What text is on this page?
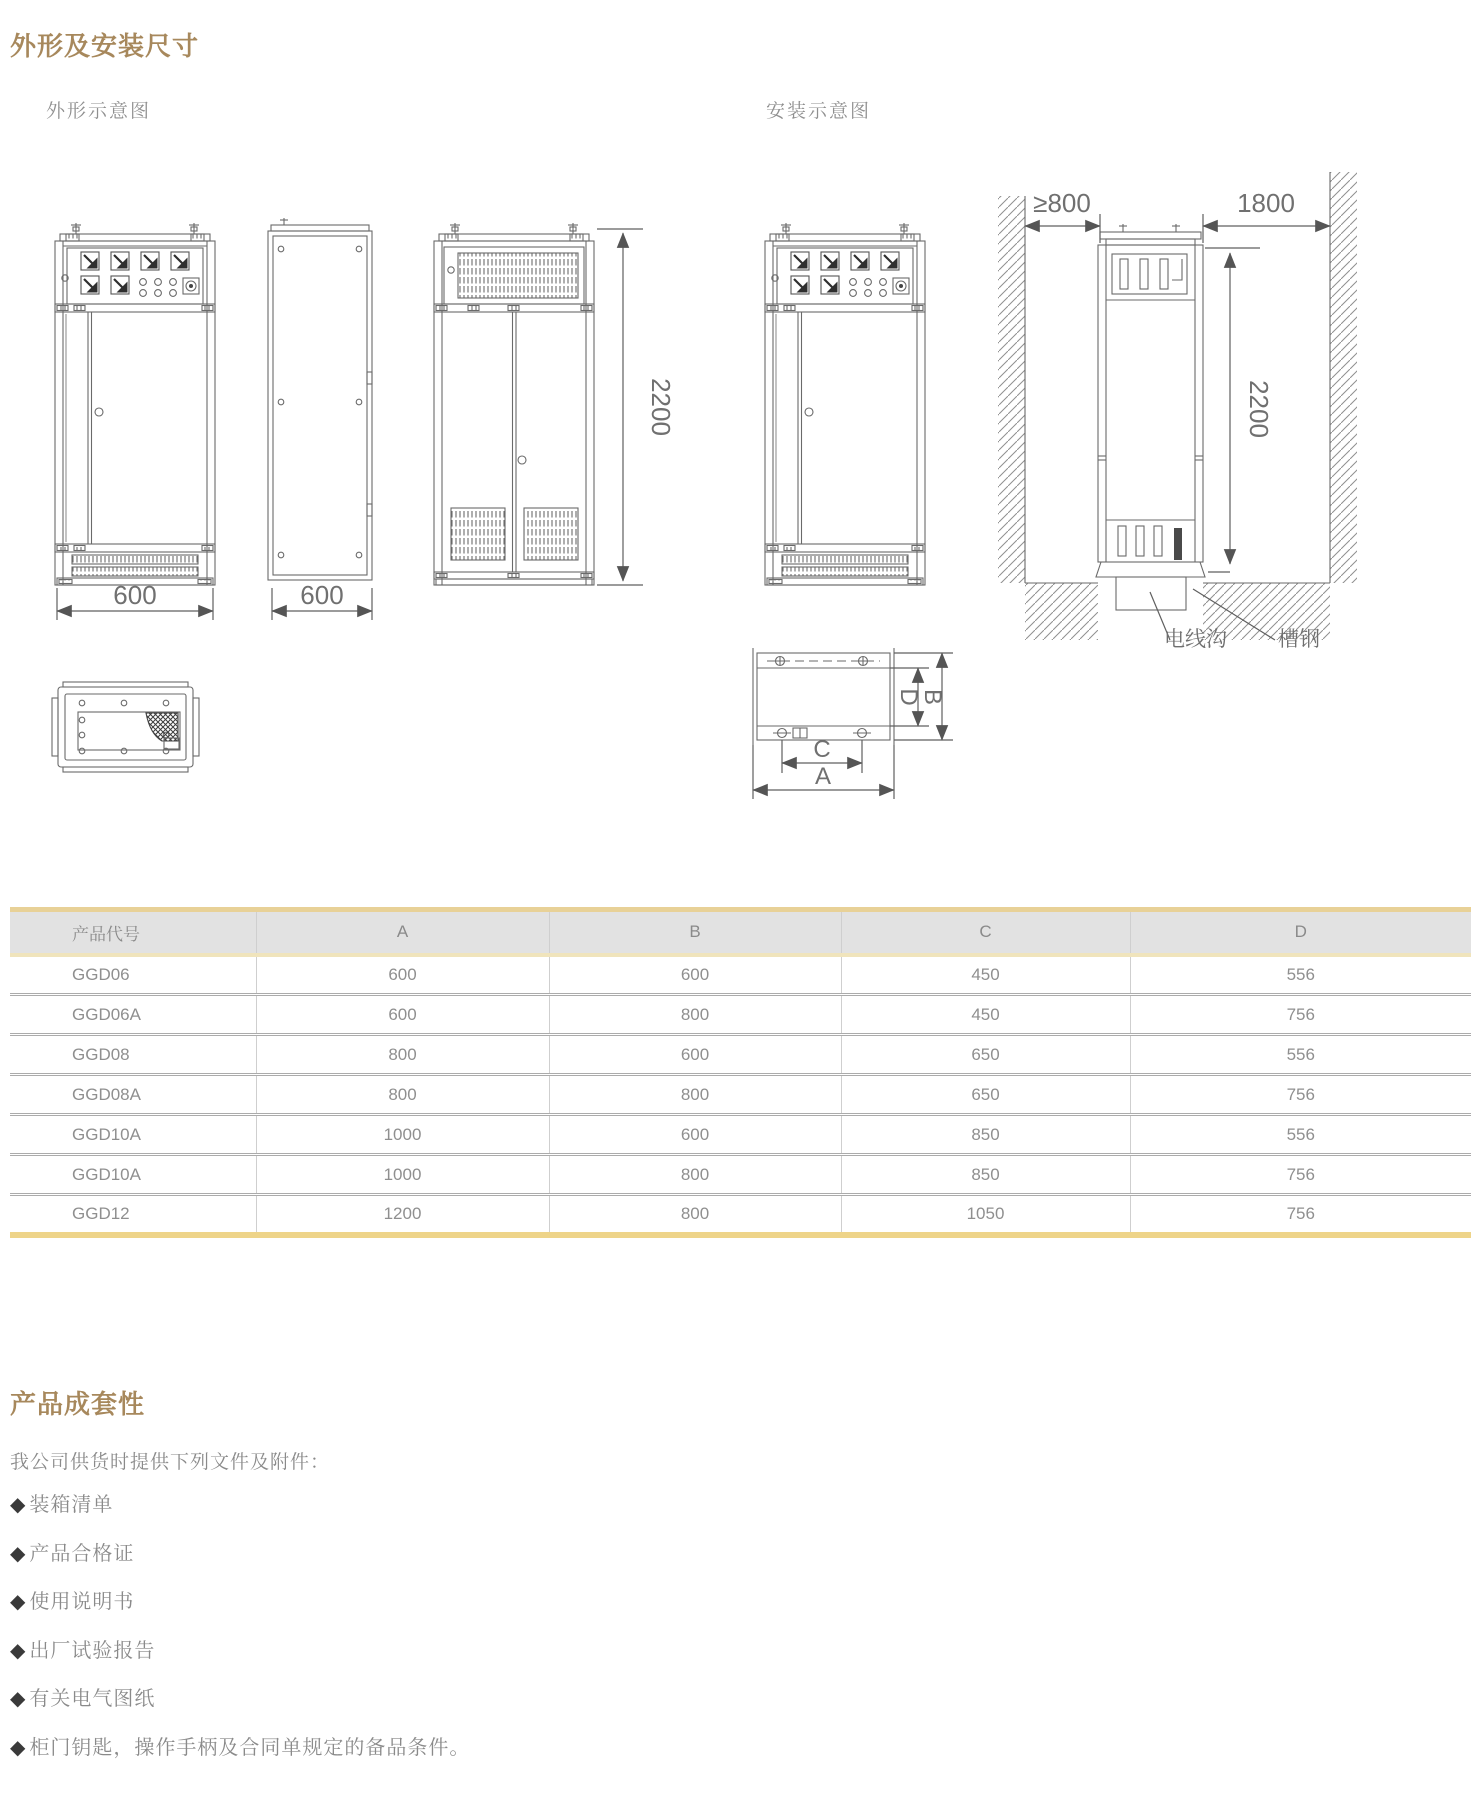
外形及安装尺寸
外形示意图	安装示意图
600	600
2200
≥800	1800
2200
电线沟 槽钢
D
B
C
A
产品代号	A	B	C	D
GGD06	600	600	450	556
GGD06A	600	800	450	756
GGD08	800	600	650	556
GGD08A	800	800	650	756
GGD10A	1000	600	850	556
GGD10A	1000	800	850	756
GGD12	1200	800	1050	756
产品成套性

我公司供货时提供下列文件及附件：

◆ 装箱清单
◆ 产品合格证
◆ 使用说明书
◆ 出厂试验报告
◆ 有关电气图纸
◆ 柜门钥匙，操作手柄及合同单规定的备品条件。
